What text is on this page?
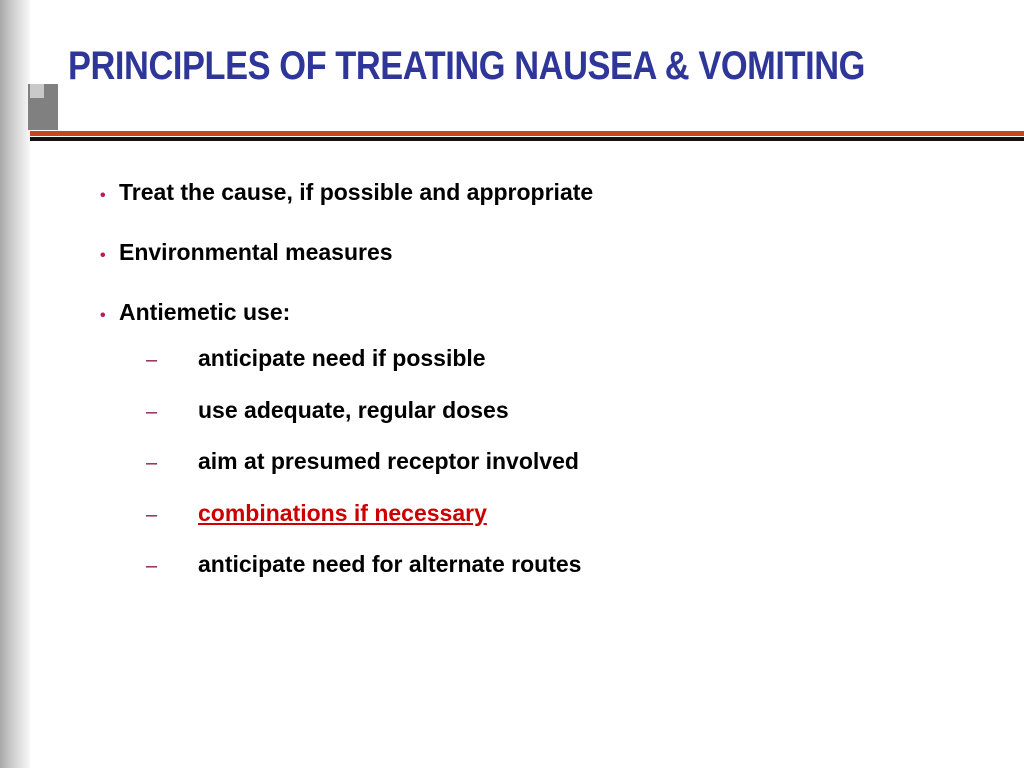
PRINCIPLES OF TREATING NAUSEA & VOMITING
• Treat the cause, if possible and appropriate
• Environmental measures
• Antiemetic use:
–	anticipate need if possible
–	use adequate, regular doses
–	aim at presumed receptor involved
–	combinations if necessary
–	anticipate need for alternate routes
